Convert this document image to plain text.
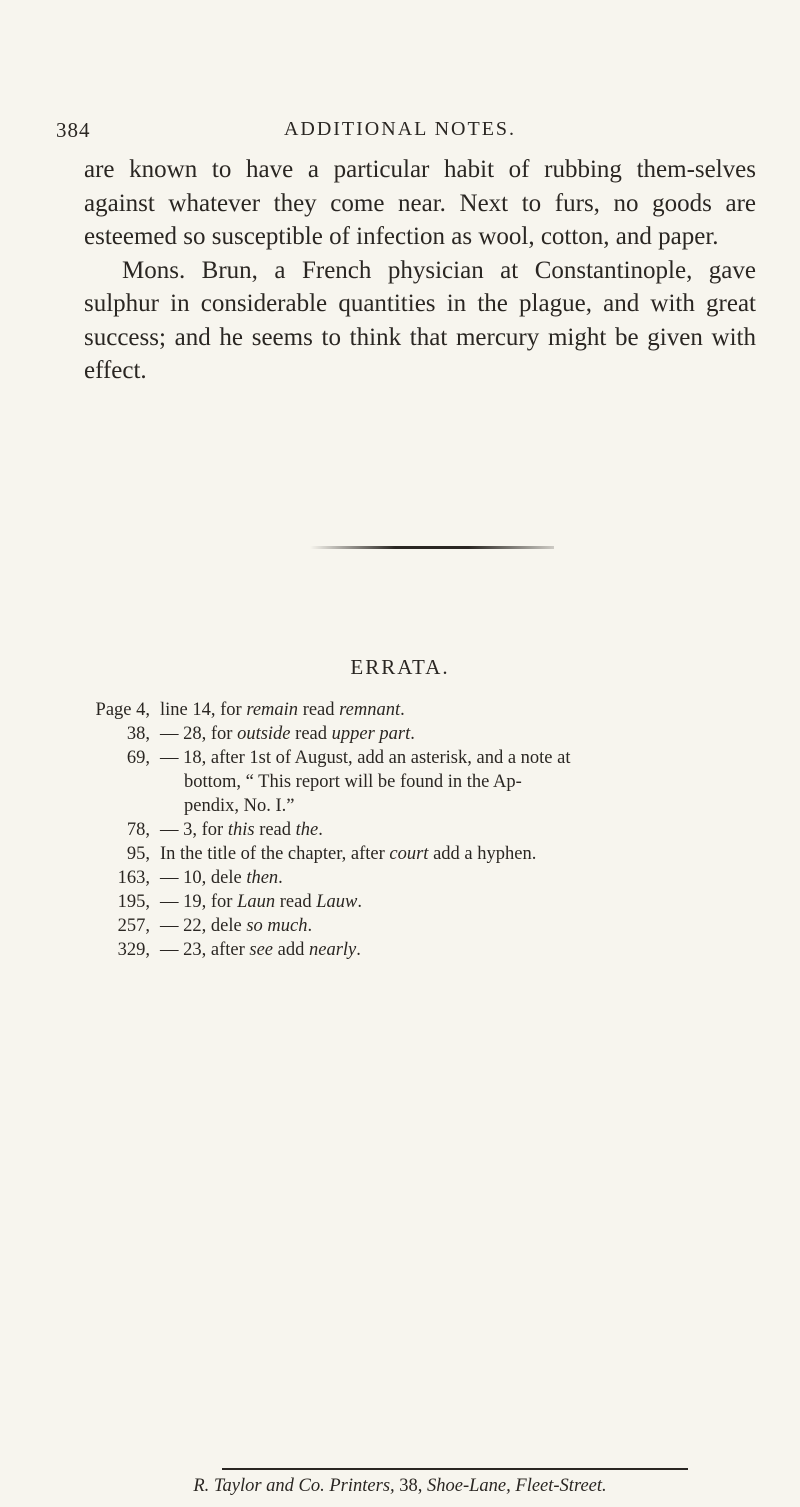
384	ADDITIONAL NOTES.

are known to have a particular habit of rubbing them-selves against whatever they come near. Next to furs, no goods are esteemed so susceptible of infection as wool, cotton, and paper.

Mons. Brun, a French physician at Constantinople, gave sulphur in considerable quantities in the plague, and with great success; and he seems to think that mercury might be given with effect.

ERRATA.
Page 4, line 14, for remain read remnant.
38, — 28, for outside read upper part.
69, — 18, after 1st of August, add an asterisk, and a note at
bottom, “ This report will be found in the Ap-
pendix, No. I.”
78, — 3, for this read the.
95, In the title of the chapter, after court add a hyphen.
163, — 10, dele then.
195, — 19, for Laun read Lauw.
257, — 22, dele so much.
329, — 23, after see add nearly.
R. Taylor and Co. Printers, 38, Shoe-Lane, Fleet-Street.
